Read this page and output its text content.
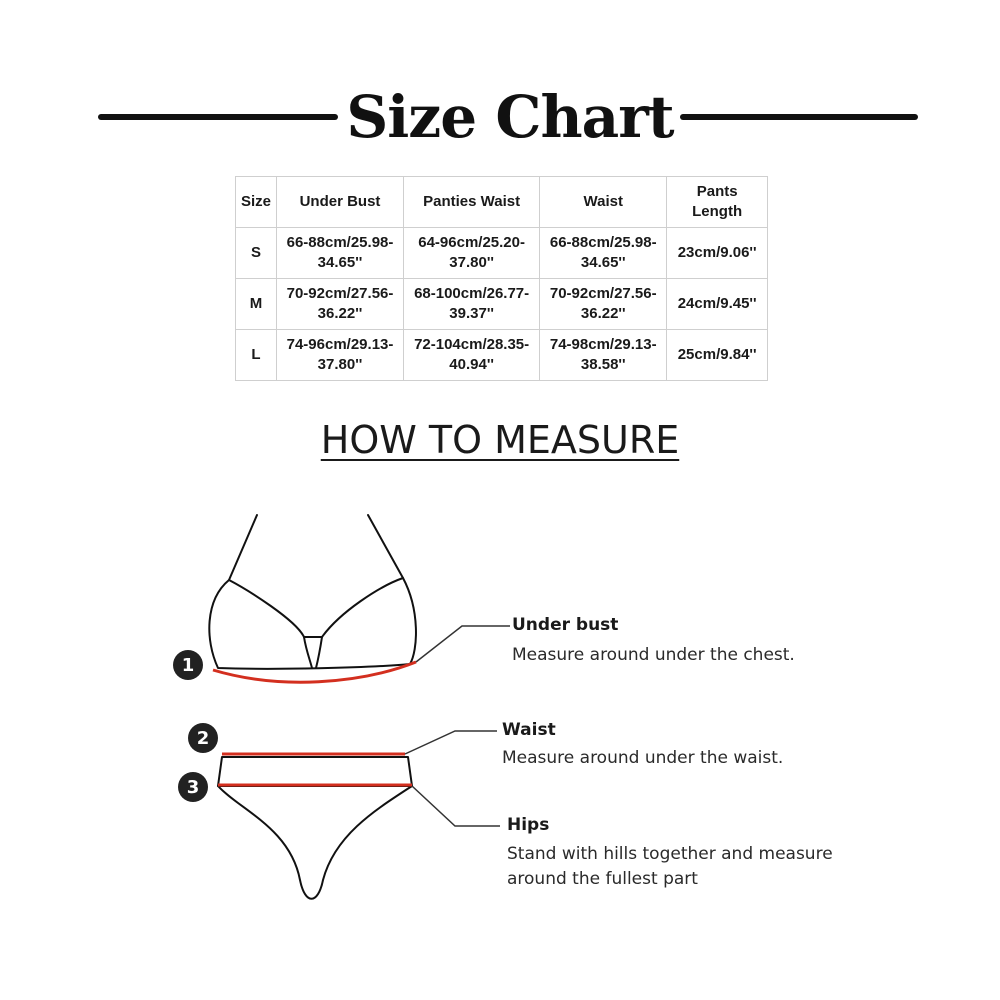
Size Chart
Size	Under Bust	Panties Waist	Waist	Pants Length
S	66-88cm/25.98-34.65''	64-96cm/25.20-37.80''	66-88cm/25.98-34.65''	23cm/9.06''
M	70-92cm/27.56-36.22''	68-100cm/26.77-39.37''	70-92cm/27.56-36.22''	24cm/9.45''
L	74-96cm/29.13-37.80''	72-104cm/28.35-40.94''	74-98cm/29.13-38.58''	25cm/9.84''
HOW TO MEASURE
1
2
3
Under bust
Measure around under the chest.
Waist
Measure around under the waist.
Hips
Stand with hills together and measure around the fullest part
